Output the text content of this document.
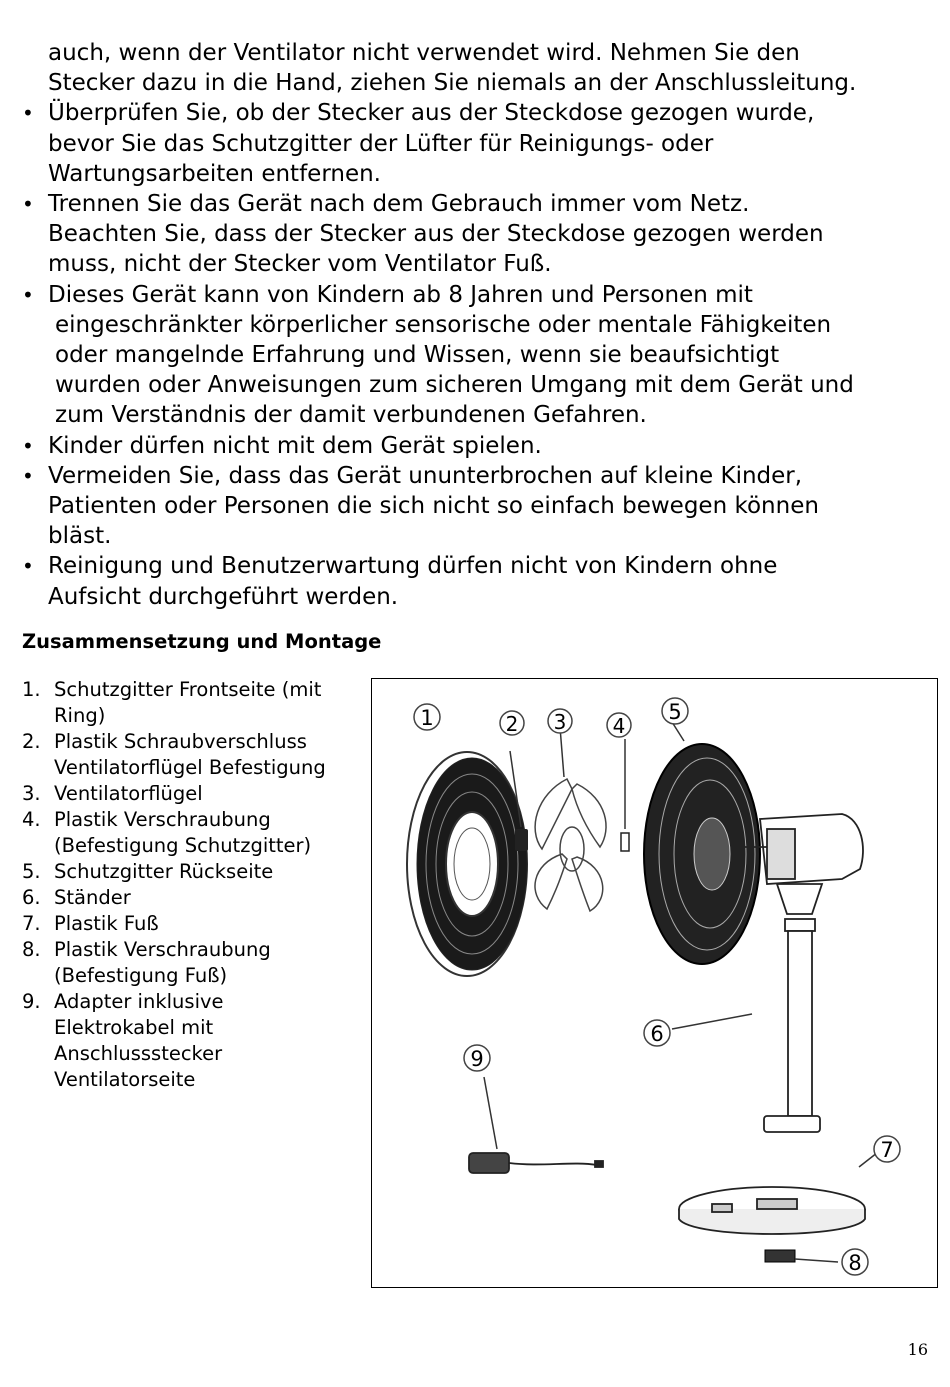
auch, wenn der Ventilator nicht verwendet wird. Nehmen Sie den
Stecker dazu in die Hand, ziehen Sie niemals an der Anschlussleitung.
• Überprüfen Sie, ob der Stecker aus der Steckdose gezogen wurde,
bevor Sie das Schutzgitter der Lüfter für Reinigungs- oder
Wartungsarbeiten entfernen.
• Trennen Sie das Gerät nach dem Gebrauch immer vom Netz.
Beachten Sie, dass der Stecker aus der Steckdose gezogen werden
muss, nicht der Stecker vom Ventilator Fuß.
• Dieses Gerät kann von Kindern ab 8 Jahren und Personen mit
eingeschränkter körperlicher sensorische oder mentale Fähigkeiten
oder mangelnde Erfahrung und Wissen, wenn sie beaufsichtigt
wurden oder Anweisungen zum sicheren Umgang mit dem Gerät und
zum Verständnis der damit verbundenen Gefahren.
• Kinder dürfen nicht mit dem Gerät spielen.
• Vermeiden Sie, dass das Gerät ununterbrochen auf kleine Kinder,
Patienten oder Personen die sich nicht so einfach bewegen können
bläst.
• Reinigung und Benutzerwartung dürfen nicht von Kindern ohne
Aufsicht durchgeführt werden.
Zusammensetzung und Montage
1. Schutzgitter Frontseite (mit
Ring)
2. Plastik Schraubverschluss
Ventilatorflügel Befestigung
3. Ventilatorflügel
4. Plastik Verschraubung
(Befestigung Schutzgitter)
5. Schutzgitter Rückseite
6. Ständer
7. Plastik Fuß
8. Plastik Verschraubung
(Befestigung Fuß)
9. Adapter inklusive
Elektrokabel mit
Anschlussstecker
Ventilatorseite
1	2 3 4
5
6
7
8
9
16
